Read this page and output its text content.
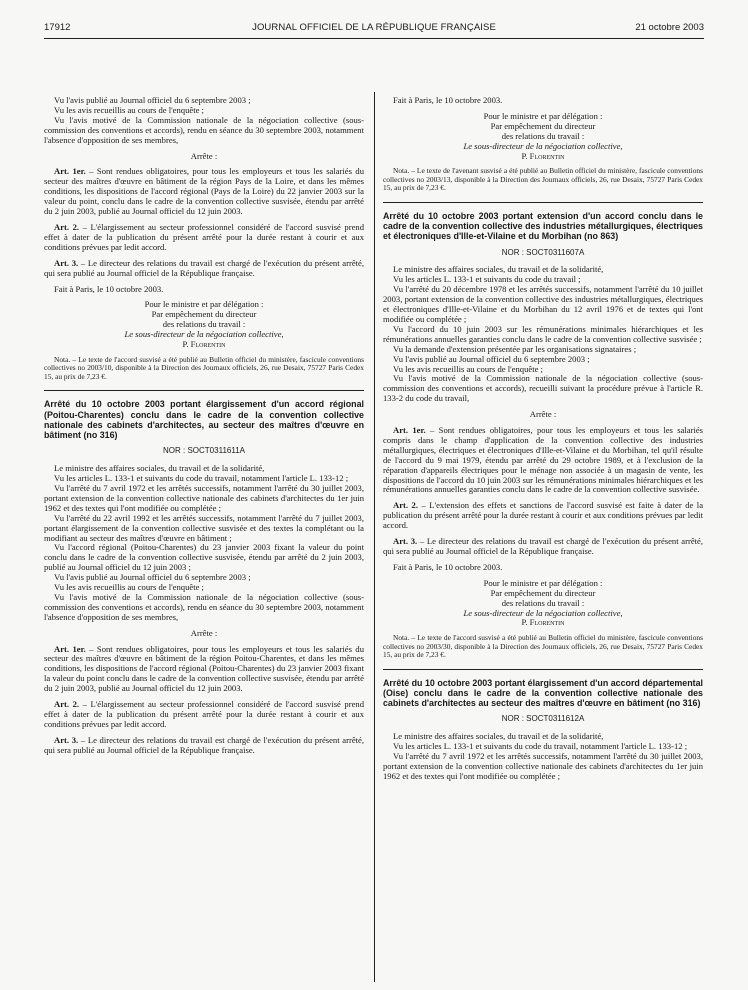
17912	JOURNAL OFFICIEL DE LA RÉPUBLIQUE FRANÇAISE	21 octobre 2003

Vu l'avis publié au Journal officiel du 6 septembre 2003 ;

Vu les avis recueillis au cours de l'enquête ;

Vu l'avis motivé de la Commission nationale de la négociation collective (sous-commission des conventions et accords), rendu en séance du 30 septembre 2003, notamment l'absence d'opposition de ses membres,

Arrête :

Art. 1er. – Sont rendues obligatoires, pour tous les employeurs et tous les salariés du secteur des maîtres d'œuvre en bâtiment de la région Pays de la Loire, et dans les mêmes conditions, les dispositions de l'accord régional (Pays de la Loire) du 22 janvier 2003 sur la valeur du point, conclu dans le cadre de la convention collective susvisée, étendu par arrêté du 2 juin 2003, publié au Journal officiel du 12 juin 2003.

Art. 2. – L'élargissement au secteur professionnel considéré de l'accord susvisé prend effet à dater de la publication du présent arrêté pour la durée restant à courir et aux conditions prévues par ledit accord.

Art. 3. – Le directeur des relations du travail est chargé de l'exécution du présent arrêté, qui sera publié au Journal officiel de la République française.

Fait à Paris, le 10 octobre 2003.

Pour le ministre et par délégation :

Par empêchement du directeur

des relations du travail :

Le sous-directeur de la négociation collective,

P. Florentin

Nota. – Le texte de l'accord susvisé a été publié au Bulletin officiel du ministère, fascicule conventions collectives no 2003/10, disponible à la Direction des Journaux officiels, 26, rue Desaix, 75727 Paris Cedex 15, au prix de 7,23 €.

Arrêté du 10 octobre 2003 portant élargissement d'un accord régional (Poitou-Charentes) conclu dans le cadre de la convention collective nationale des cabinets d'architectes, au secteur des maîtres d'œuvre en bâtiment (no 316)

NOR : SOCT0311611A

Le ministre des affaires sociales, du travail et de la solidarité,

Vu les articles L. 133-1 et suivants du code du travail, notamment l'article L. 133-12 ;

Vu l'arrêté du 7 avril 1972 et les arrêtés successifs, notamment l'arrêté du 30 juillet 2003, portant extension de la convention collective nationale des cabinets d'architectes du 1er juin 1962 et des textes qui l'ont modifiée ou complétée ;

Vu l'arrêté du 22 avril 1992 et les arrêtés successifs, notamment l'arrêté du 7 juillet 2003, portant élargissement de la convention collective susvisée et des textes la complétant ou la modifiant au secteur des maîtres d'œuvre en bâtiment ;

Vu l'accord régional (Poitou-Charentes) du 23 janvier 2003 fixant la valeur du point conclu dans le cadre de la convention collective susvisée, étendu par arrêté du 2 juin 2003, publié au Journal officiel du 12 juin 2003 ;

Vu l'avis publié au Journal officiel du 6 septembre 2003 ;

Vu les avis recueillis au cours de l'enquête ;

Vu l'avis motivé de la Commission nationale de la négociation collective (sous-commission des conventions et accords), rendu en séance du 30 septembre 2003, notamment l'absence d'opposition de ses membres,

Arrête :

Art. 1er. – Sont rendues obligatoires, pour tous les employeurs et tous les salariés du secteur des maîtres d'œuvre en bâtiment de la région Poitou-Charentes, et dans les mêmes conditions, les dispositions de l'accord régional (Poitou-Charentes) du 23 janvier 2003 fixant la valeur du point conclu dans le cadre de la convention collective susvisée, étendu par arrêté du 2 juin 2003, publié au Journal officiel du 12 juin 2003.

Art. 2. – L'élargissement au secteur professionnel considéré de l'accord susvisé prend effet à dater de la publication du présent arrêté pour la durée restant à courir et aux conditions prévues par ledit accord.

Art. 3. – Le directeur des relations du travail est chargé de l'exécution du présent arrêté, qui sera publié au Journal officiel de la République française.

Fait à Paris, le 10 octobre 2003.

Pour le ministre et par délégation :

Par empêchement du directeur

des relations du travail :

Le sous-directeur de la négociation collective,

P. Florentin

Nota. – Le texte de l'avenant susvisé a été publié au Bulletin officiel du ministère, fascicule conventions collectives no 2003/13, disponible à la Direction des Journaux officiels, 26, rue Desaix, 75727 Paris Cedex 15, au prix de 7,23 €.

Arrêté du 10 octobre 2003 portant extension d'un accord conclu dans le cadre de la convention collective des industries métallurgiques, électriques et électroniques d'Ille-et-Vilaine et du Morbihan (no 863)

NOR : SOCT0311607A

Le ministre des affaires sociales, du travail et de la solidarité,

Vu les articles L. 133-1 et suivants du code du travail ;

Vu l'arrêté du 20 décembre 1978 et les arrêtés successifs, notamment l'arrêté du 10 juillet 2003, portant extension de la convention collective des industries métallurgiques, électriques et électroniques d'Ille-et-Vilaine et du Morbihan du 12 avril 1976 et de textes qui l'ont modifiée ou complétée ;

Vu l'accord du 10 juin 2003 sur les rémunérations minimales hiérarchiques et les rémunérations annuelles garanties conclu dans le cadre de la convention collective susvisée ;

Vu la demande d'extension présentée par les organisations signataires ;

Vu l'avis publié au Journal officiel du 6 septembre 2003 ;

Vu les avis recueillis au cours de l'enquête ;

Vu l'avis motivé de la Commission nationale de la négociation collective (sous-commission des conventions et accords), recueilli suivant la procédure prévue à l'article R. 133-2 du code du travail,

Arrête :

Art. 1er. – Sont rendues obligatoires, pour tous les employeurs et tous les salariés compris dans le champ d'application de la convention collective des industries métallurgiques, électriques et électroniques d'Ille-et-Vilaine et du Morbihan, tel qu'il résulte de l'accord du 9 mai 1979, étendu par arrêté du 29 octobre 1989, et à l'exclusion de la réparation d'appareils électriques pour le ménage non associée à un magasin de vente, les dispositions de l'accord du 10 juin 2003 sur les rémunérations minimales hiérarchiques et les rémunérations annuelles garanties conclu dans le cadre de la convention collective susvisée.

Art. 2. – L'extension des effets et sanctions de l'accord susvisé est faite à dater de la publication du présent arrêté pour la durée restant à courir et aux conditions prévues par ledit accord.

Art. 3. – Le directeur des relations du travail est chargé de l'exécution du présent arrêté, qui sera publié au Journal officiel de la République française.

Fait à Paris, le 10 octobre 2003.

Pour le ministre et par délégation :

Par empêchement du directeur

des relations du travail :

Le sous-directeur de la négociation collective,

P. Florentin

Nota. – Le texte de l'accord susvisé a été publié au Bulletin officiel du ministère, fascicule conventions collectives no 2003/30, disponible à la Direction des Journaux officiels, 26, rue Desaix, 75727 Paris Cedex 15, au prix de 7,23 €.

Arrêté du 10 octobre 2003 portant élargissement d'un accord départemental (Oise) conclu dans le cadre de la convention collective nationale des cabinets d'architectes au secteur des maîtres d'œuvre en bâtiment (no 316)

NOR : SOCT0311612A

Le ministre des affaires sociales, du travail et de la solidarité,

Vu les articles L. 133-1 et suivants du code du travail, notamment l'article L. 133-12 ;

Vu l'arrêté du 7 avril 1972 et les arrêtés successifs, notamment l'arrêté du 30 juillet 2003, portant extension de la convention collective nationale des cabinets d'architectes du 1er juin 1962 et des textes qui l'ont modifiée ou complétée ;
